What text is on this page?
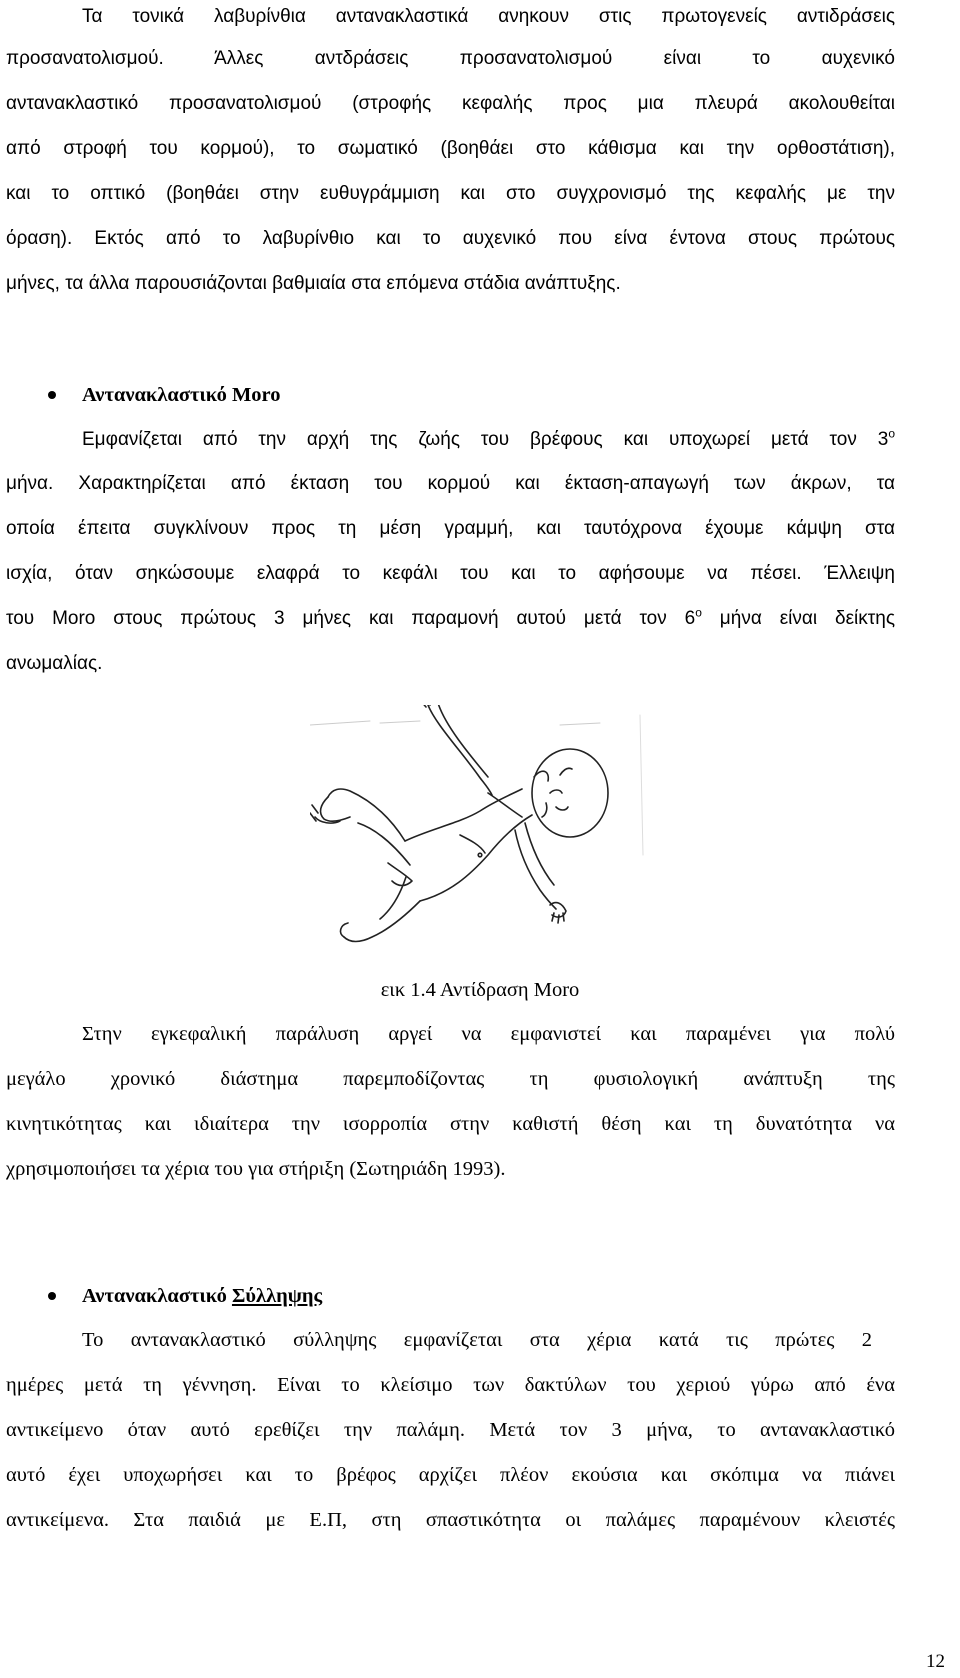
Τα τονικά λαβυρίνθια αντανακλαστικά ανηκουν στις πρωτογενείς αντιδράσεις
προσανατολισμού. Άλλες αντδράσεις προσανατολισμού είναι το αυχενικό
αντανακλαστικό προσανατολισμού (στροφής κεφαλής προς μια πλευρά ακολουθείται
από στροφή του κορμού), το σωματικό (βοηθάει στο κάθισμα και την ορθοστάτιση),
και το οπτικό (βοηθάει στην ευθυγράμμιση και στο συγχρονισμό της κεφαλής με την
όραση). Εκτός από το λαβυρίνθιο και το αυχενικό που είνα έντονα στους πρώτους
μήνες, τα άλλα παρουσιάζονται βαθμιαία στα επόμενα στάδια ανάπτυξης.
Αντανακλαστικό Moro
Εμφανίζεται από την αρχή της ζωής του βρέφους και υποχωρεί μετά τον $3^o$
μήνα. Χαρακτηρίζεται από έκταση του κορμού και έκταση-απαγωγή των άκρων, τα
οποία έπειτα συγκλίνουν προς τη μέση γραμμή, και ταυτόχρονα έχουμε κάμψη στα
ισχία, όταν σηκώσουμε ελαφρά το κεφάλι του και το αφήσουμε να πέσει. Έλλειψη
του Moro στους πρώτους 3 μήνες και παραμονή αυτού μετά τον $6^o$ μήνα είναι δείκτης
ανωμαλίας.
εικ 1.4 Αντίδραση Moro
Στην εγκεφαλική παράλυση αργεί να εμφανιστεί και παραμένει για πολύ
μεγάλο χρονικό διάστημα παρεμποδίζοντας τη φυσιολογική ανάπτυξη της
κινητικότητας και ιδιαίτερα την ισορροπία στην καθιστή θέση και τη δυνατότητα να
χρησιμοποιήσει τα χέρια του για στήριξη (Σωτηριάδη 1993).
Αντανακλαστικό Σύλληψης
Το αντανακλαστικό σύλληψης εμφανίζεται στα χέρια κατά τις πρώτες 2
ημέρες μετά τη γέννηση. Είναι το κλείσιμο των δακτύλων του χεριού γύρω από ένα
αντικείμενο όταν αυτό ερεθίζει την παλάμη. Μετά τον 3 μήνα, το αντανακλαστικό
αυτό έχει υποχωρήσει και το βρέφος αρχίζει πλέον εκούσια και σκόπιμα να πιάνει
αντικείμενα. Στα παιδιά με Ε.Π, στη σπαστικότητα οι παλάμες παραμένουν κλειστές
12
